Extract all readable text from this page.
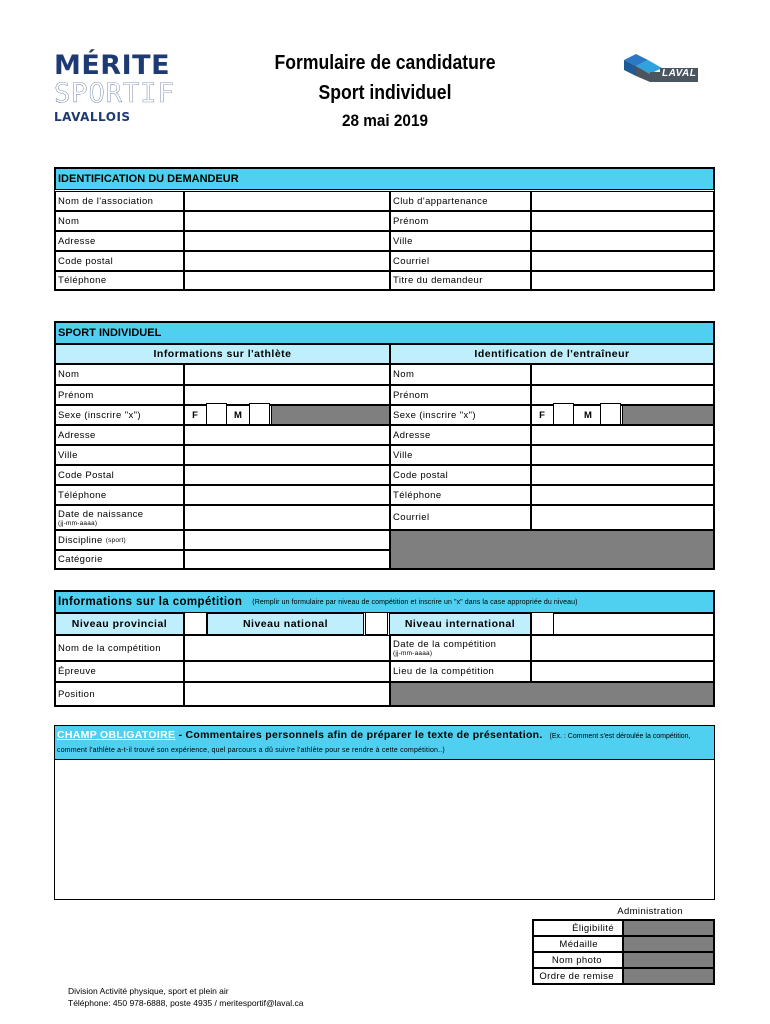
MÉRITE
SPORTIF
LAVALLOIS
Formulaire de candidature
Sport individuel
28 mai 2019
LAVAL
IDENTIFICATION DU DEMANDEUR
Nom de l'association	Club d'appartenance
Nom	Prénom
Adresse	Ville
Code postal	Courriel
Téléphone	Titre du demandeur
SPORT INDIVIDUEL
Informations sur l'athlète	Identification de l'entraîneur
Nom
Prénom
Sexe (inscrire "x")	F	M
Adresse
Ville
Code Postal
Téléphone
Date de naissance
(jj-mm-aaaa)
Discipline
(sport)
Catégorie
Nom
Prénom
Sexe (inscrire "x")	F	M
Adresse
Ville
Code postal
Téléphone
Courriel
Informations sur la compétition (Remplir un formulaire par niveau de compétition et inscrire un "x" dans la case appropriée du niveau)
Niveau provincial	Niveau national	Niveau international
Nom de la compétition	Date de la compétition
(jj-mm-aaaa)
Épreuve	Lieu de la compétition
Position
CHAMP OBLIGATOIRE - Commentaires personnels afin de préparer le texte de présentation. (Ex. : Comment s'est déroulée la compétition,
comment l'athlète a-t-il trouvé son expérience, quel parcours a dû suivre l'athlète pour se rendre à cette compétition..)
Administration
Éligibilité
Médaille
Nom photo
Ordre de remise
Division Activité physique, sport et plein air
Téléphone: 450 978-6888, poste 4935 / meritesportif@laval.ca
